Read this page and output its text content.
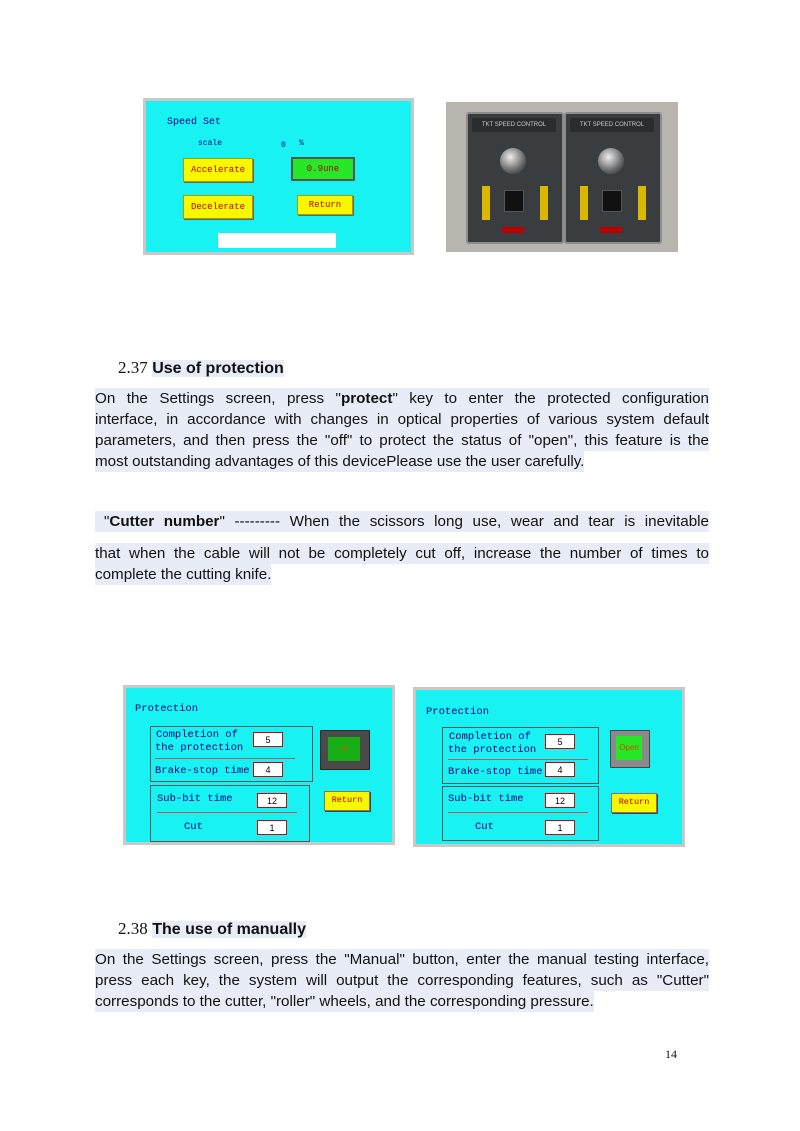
Speed Set
scale	0 %
Accelerate	0.9une
Decelerate	Return
TKT SPEED CONTROL	TKT SPEED CONTROL
2.37 Use of protection
On the Settings screen, press "protect" key to enter the protected configuration
interface, in accordance with changes in optical properties of various system default
parameters, and then press the "off" to protect the status of "open", this feature is the
most outstanding advantages of this devicePlease use the user carefully.
"Cutter number" --------- When the scissors long use, wear and tear is inevitable
that when the cable will not be completely cut off, increase the number of times to
complete the cutting knife.
Protection
Completion of
the protection
5
Brake-stop time	4
Sub-bit time	12
Cut	1
off
Return
Protection
Completion of
the protection
5
Brake-stop time	4
Sub-bit time	12
Cut	1
Open
Return
2.38 The use of manually
On the Settings screen, press the "Manual" button, enter the manual testing interface,
press each key, the system will output the corresponding features, such as "Cutter"
corresponds to the cutter, "roller" wheels, and the corresponding pressure.
14
